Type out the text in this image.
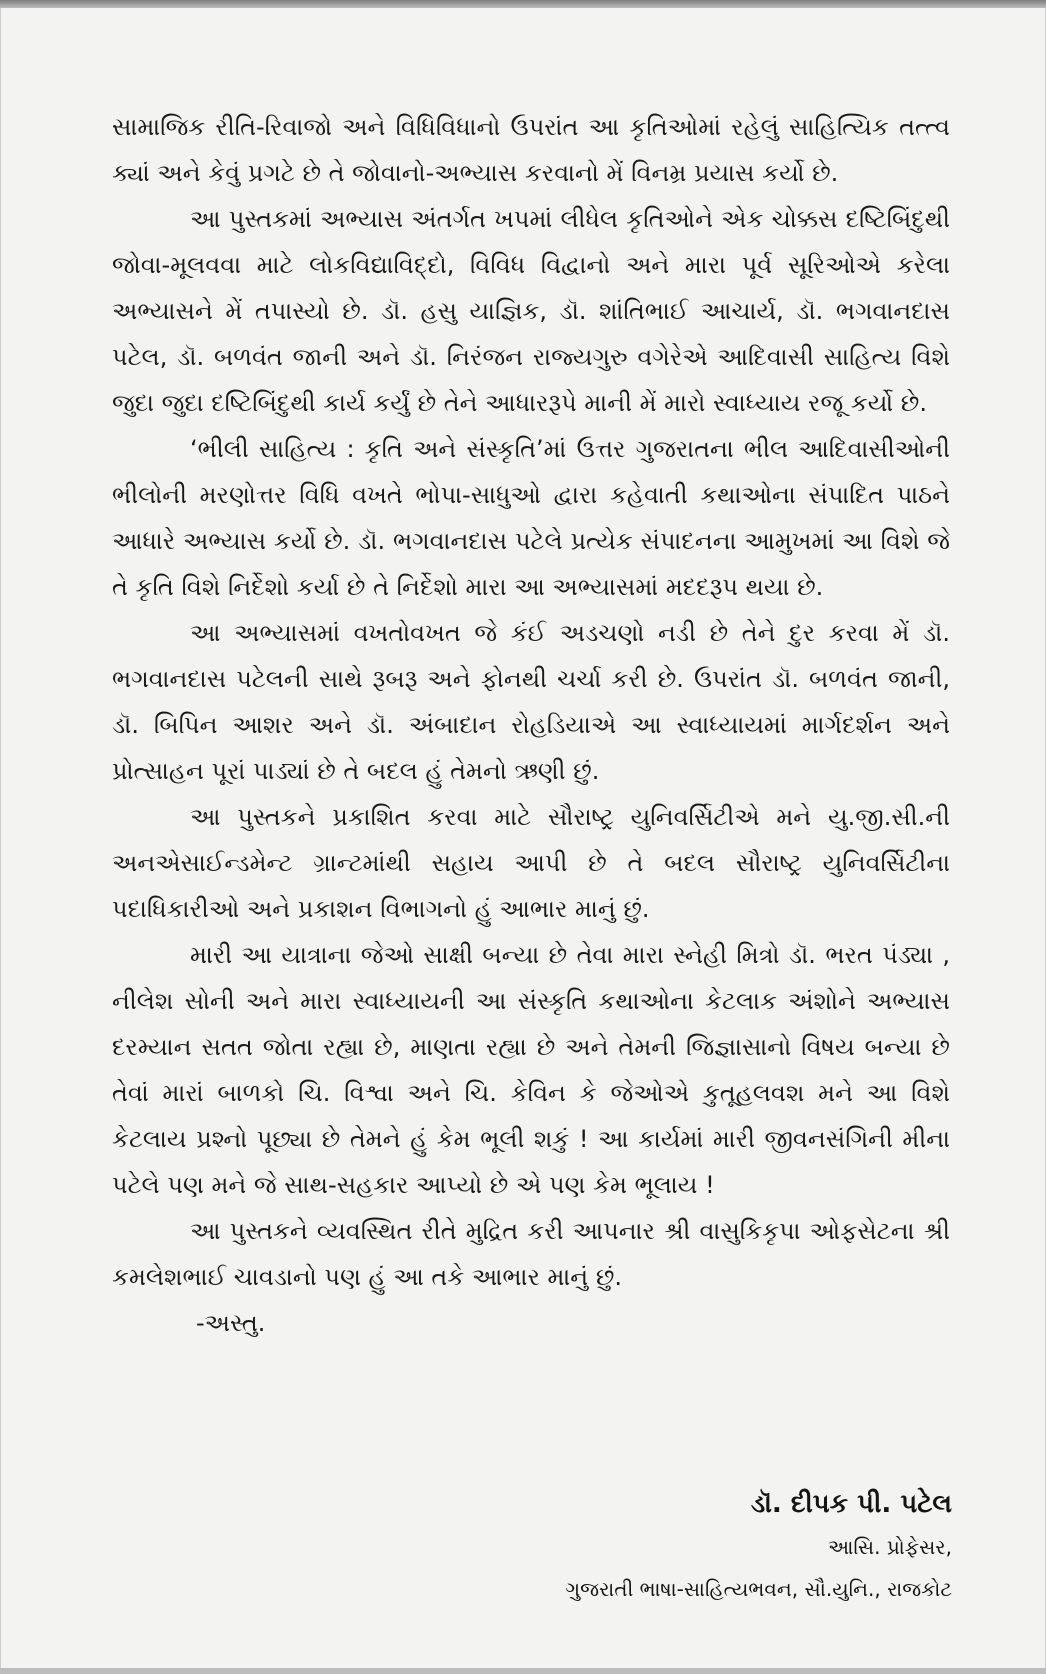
સામાજિક રીતિ-રિવાજો અને વિધિવિધાનો ઉપરાંત આ કૃતિઓમાં રહેલું સાહિત્યિક તત્ત્વ ક્યાં અને કેવું પ્રગટે છે તે જોવાનો-અભ્યાસ કરવાનો મેં વિનમ્ર પ્રયાસ કર્યો છે.

આ પુસ્તકમાં અભ્યાસ અંતર્ગત ખપમાં લીધેલ કૃતિઓને એક ચોક્કસ દષ્ટિબિંદુથી જોવા-મૂલવવા માટે લોકવિદ્યાવિદ્દો, વિવિધ વિદ્વાનો અને મારા પૂર્વ સૂરિઓએ કરેલા અભ્યાસને મેં તપાસ્યો છે. ડૉ. હસુ યાજ્ઞિક, ડૉ. શાંતિભાઈ આચાર્ય, ડૉ. ભગવાનદાસ પટેલ, ડૉ. બળવંત જાની અને ડૉ. નિરંજન રાજ્યગુરુ વગેરેએ આદિવાસી સાહિત્ય વિશે જુદા જુદા દષ્ટિબિંદુથી કાર્ય કર્યું છે તેને આધારરૂપે માની મેં મારો સ્વાધ્યાય રજૂ કર્યો છે.

‘ભીલી સાહિત્ય : કૃતિ અને સંસ્કૃતિ’માં ઉત્તર ગુજરાતના ભીલ આદિવાસીઓની ભીલોની મરણોત્તર વિધિ વખતે ભોપા-સાધુઓ દ્વારા કહેવાતી કથાઓના સંપાદિત પાઠને આધારે અભ્યાસ કર્યો છે. ડૉ. ભગવાનદાસ પટેલે પ્રત્યેક સંપાદનના આમુખમાં આ વિશે જે તે કૃતિ વિશે નિર્દેશો કર્યા છે તે નિર્દેશો મારા આ અભ્યાસમાં મદદરૂપ થયા છે.

આ અભ્યાસમાં વખતોવખત જે કંઈ અડચણો નડી છે તેને દુર કરવા મેં ડૉ. ભગવાનદાસ પટેલની સાથે રૂબરૂ અને ફોનથી ચર્ચા કરી છે. ઉપરાંત ડૉ. બળવંત જાની, ડૉ. બિપિન આશર અને ડૉ. અંબાદાન રોહડિયાએ આ સ્વાધ્યાયમાં માર્ગદર્શન અને પ્રોત્સાહન પૂરાં પાડ્યાં છે તે બદલ હું તેમનો ઋણી છું.

આ પુસ્તકને પ્રકાશિત કરવા માટે સૌરાષ્ટ્ર યુનિવર્સિટીએ મને યુ.જી.સી.ની અનએસાઈન્ડમેન્ટ ગ્રાન્ટમાંથી સહાય આપી છે તે બદલ સૌરાષ્ટ્ર યુનિવર્સિટીના પદાધિકારીઓ અને પ્રકાશન વિભાગનો હું આભાર માનું છું.

મારી આ યાત્રાના જેઓ સાક્ષી બન્યા છે તેવા મારા સ્નેહી મિત્રો ડૉ. ભરત પંડ્યા , નીલેશ સોની અને મારા સ્વાધ્યાયની આ સંસ્કૃતિ કથાઓના કેટલાક અંશોને અભ્યાસ દરમ્યાન સતત જોતા રહ્યા છે, માણતા રહ્યા છે અને તેમની જિજ્ઞાસાનો વિષય બન્યા છે તેવાં મારાં બાળકો ચિ. વિશ્વા અને ચિ. કેવિન કે જેઓએ કુતૂહલવશ મને આ વિશે કેટલાય પ્રશ્નો પૂછ્યા છે તેમને હું કેમ ભૂલી શકું ! આ કાર્યમાં મારી જીવનસંગિની મીના પટેલે પણ મને જે સાથ-સહકાર આપ્યો છે એ પણ કેમ ભૂલાય !

આ પુસ્તકને વ્યવસ્થિત રીતે મુદ્રિત કરી આપનાર શ્રી વાસુકિકૃપા ઓફસેટના શ્રી કમલેશભાઈ ચાવડાનો પણ હું આ તકે આભાર માનું છું.

-અસ્તુ.

ડૉ. દીપક પી. પટેલ
આસિ. પ્રોફેસર,
ગુજરાતી ભાષા-સાહિત્યભવન, સૌ.યુનિ., રાજકોટ
